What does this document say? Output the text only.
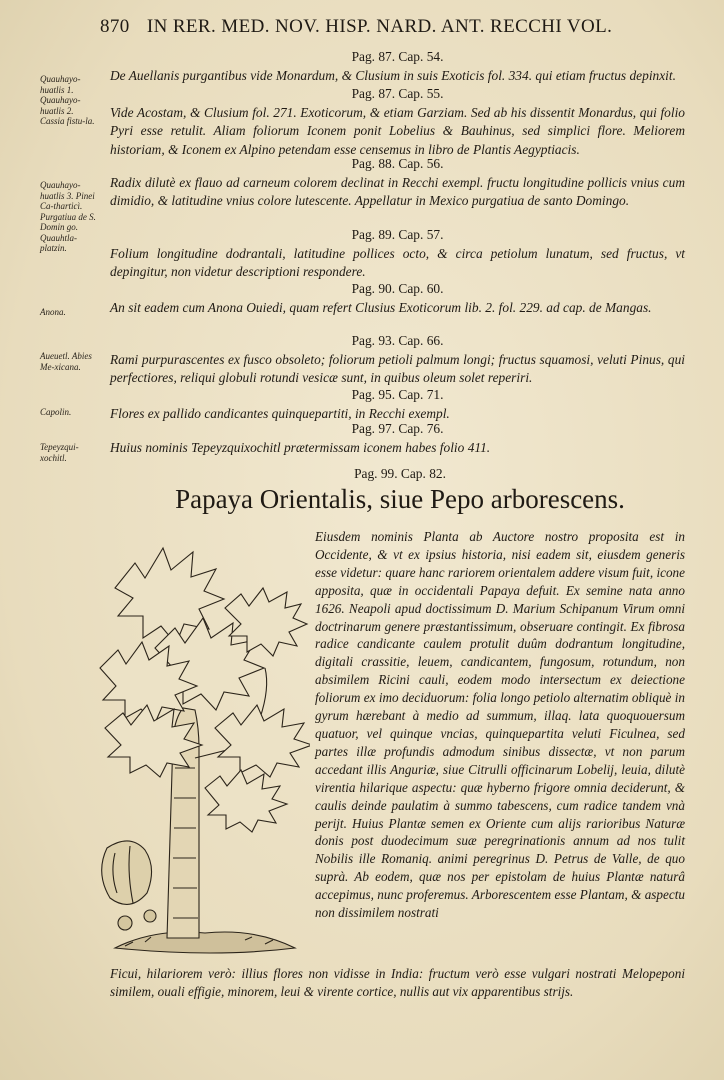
870 IN RER. MED. NOV. HISP. NARD. ANT. RECCHI VOL.
Quauhayo-huatlis 1. Quauhayo-huatlis 2. Cassia fistu-la.
Quauhayo-huatlis 3. Pinei Ca-tharticì. Purgatiua de S. Domin go. Quauhtla-platzin.
Anona.
Aueuetl. Abies Me-xicana.
Capolin.
Tepeyzqui-xochitl.
Pag. 87. Cap. 54.
De Auellanis purgantibus vide Monardum, & Clusium in suis Exoticis fol. 334. qui etiam fructus depinxit.
Pag. 87. Cap. 55.
Vide Acostam, & Clusium fol. 271. Exoticorum, & etiam Garziam. Sed ab his dissentit Monardus, qui folio Pyri esse retulit. Aliam foliorum Iconem ponit Lobelius & Bauhinus, sed simplici flore. Meliorem historiam, & Iconem ex Alpino petendam esse censemus in libro de Plantis Aegyptiacis.
Pag. 88. Cap. 56.
Radix dilutè ex flauo ad carneum colorem declinat in Recchi exempl. fructu longitudine pollicis vnius cum dimidio, & latitudine vnius colore lutescente. Appellatur in Mexico purgatiua de santo Domingo.
Pag. 89. Cap. 57.
Folium longitudine dodrantali, latitudine pollices octo, & circa petiolum lunatum, sed fructus, vt depingitur, non videtur descriptioni respondere.
Pag. 90. Cap. 60.
An sit eadem cum Anona Ouiedi, quam refert Clusius Exoticorum lib. 2. fol. 229. ad cap. de Mangas.
Pag. 93. Cap. 66.
Rami purpurascentes ex fusco obsoleto; foliorum petioli palmum longi; fructus squamosi, veluti Pinus, qui perfectiores, reliqui globuli rotundi vesicæ sunt, in quibus oleum solet reperiri.
Pag. 95. Cap. 71.
Flores ex pallido candicantes quinquepartiti, in Recchi exempl.
Pag. 97. Cap. 76.
Huius nominis Tepeyzquixochitl prætermissam iconem habes folio 411.
Pag. 99. Cap. 82.
Papaya Orientalis, siue Pepo arborescens.
Eiusdem nominis Planta ab Auctore nostro proposita est in Occidente, & vt ex ipsius historia, nisi eadem sit, eiusdem generis esse videtur: quare hanc rariorem orientalem addere visum fuit, icone apposita, quæ in occidentali Papaya defuit. Ex semine nata anno 1626. Neapoli apud doctissimum D. Marium Schipanum Virum omni doctrinarum genere præstantissimum, obseruare contingit. Ex fibrosa radice candicante caulem protulit duûm dodrantum longitudine, digitali crassitie, leuem, candicantem, fungosum, rotundum, non absimilem Ricini cauli, eodem modo intersectum ex deiectione foliorum ex imo deciduorum: folia longo petiolo alternatim obliquè in gyrum hærebant à medio ad summum, illaq. lata quoquouersum quatuor, vel quinque vncias, quinquepartita veluti Ficulnea, sed partes illæ profundis admodum sinibus dissectæ, vt non parum accedant illis Anguriæ, siue Citrulli officinarum Lobelij, leuia, dilutè virentia hilarique aspectu: quæ hyberno frigore omnia deciderunt, & caulis deinde paulatim à summo tabescens, cum radice tandem vnà perijt. Huius Plantæ semen ex Oriente cum alijs rarioribus Naturæ donis post duodecimum suæ peregrinationis annum ad nos tulit Nobilis ille Romaniq. animi peregrinus D. Petrus de Valle, de quo suprà. Ab eodem, quæ nos per epistolam de huius Plantæ naturâ accepimus, nunc proferemus. Arborescentem esse Plantam, & aspectu non dissimilem nostrati
Ficui, hilariorem verò: illius flores non vidisse in India: fructum verò esse vulgari nostrati Melopeponi similem, ouali effigie, minorem, leui & virente cortice, nullis aut vix apparentibus strijs.
